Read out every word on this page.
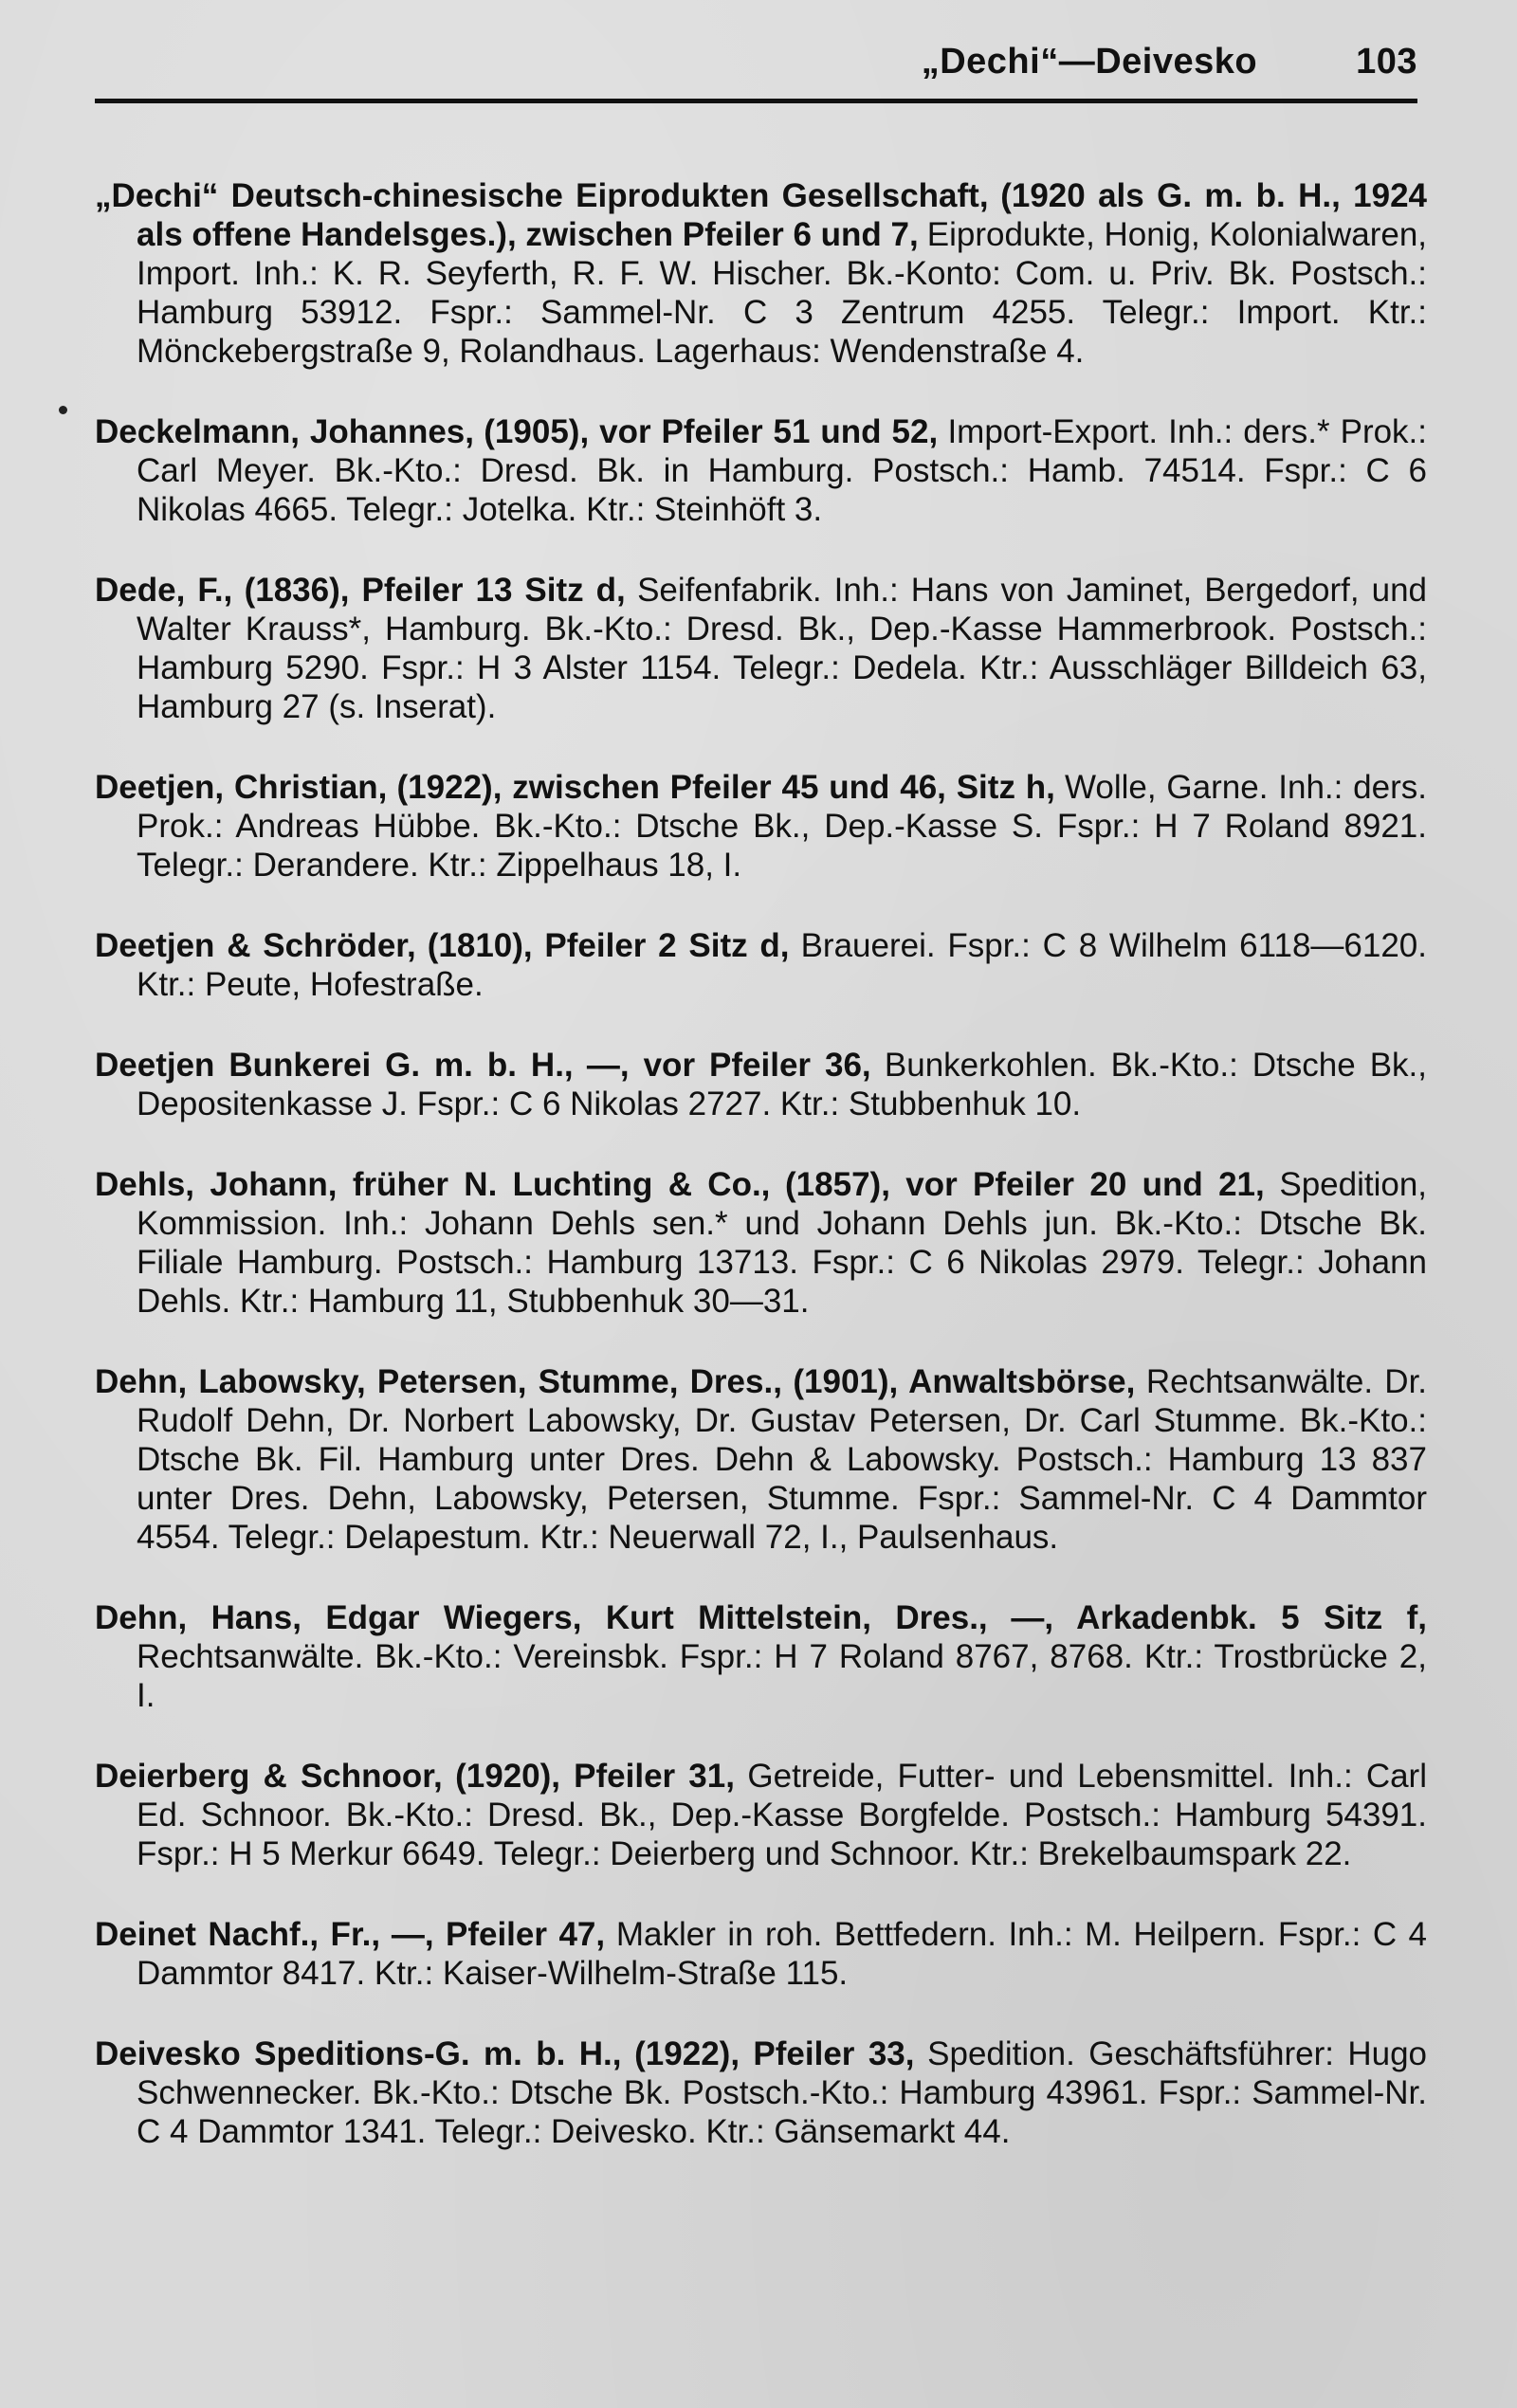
„Dechi“—Deivesko	103

„Dechi“ Deutsch-chinesische Eiprodukten Gesellschaft, (1920 als G. m. b. H., 1924 als offene Handelsges.), zwischen Pfeiler 6 und 7, Eiprodukte, Honig, Kolonialwaren, Import. Inh.: K. R. Seyferth, R. F. W. Hischer. Bk.-Konto: Com. u. Priv. Bk. Postsch.: Hamburg 53912. Fspr.: Sammel-Nr. C 3 Zentrum 4255. Telegr.: Import. Ktr.: Mönckebergstraße 9, Rolandhaus. Lagerhaus: Wendenstraße 4.

Deckelmann, Johannes, (1905), vor Pfeiler 51 und 52, Import-Export. Inh.: ders.* Prok.: Carl Meyer. Bk.-Kto.: Dresd. Bk. in Hamburg. Postsch.: Hamb. 74514. Fspr.: C 6 Nikolas 4665. Telegr.: Jotelka. Ktr.: Steinhöft 3.

Dede, F., (1836), Pfeiler 13 Sitz d, Seifenfabrik. Inh.: Hans von Jaminet, Bergedorf, und Walter Krauss*, Hamburg. Bk.-Kto.: Dresd. Bk., Dep.-Kasse Hammerbrook. Postsch.: Hamburg 5290. Fspr.: H 3 Alster 1154. Telegr.: Dedela. Ktr.: Ausschläger Billdeich 63, Hamburg 27 (s. Inserat).

Deetjen, Christian, (1922), zwischen Pfeiler 45 und 46, Sitz h, Wolle, Garne. Inh.: ders. Prok.: Andreas Hübbe. Bk.-Kto.: Dtsche Bk., Dep.-Kasse S. Fspr.: H 7 Roland 8921. Telegr.: Derandere. Ktr.: Zippelhaus 18, I.

Deetjen & Schröder, (1810), Pfeiler 2 Sitz d, Brauerei. Fspr.: C 8 Wilhelm 6118—6120. Ktr.: Peute, Hofestraße.

Deetjen Bunkerei G. m. b. H., —, vor Pfeiler 36, Bunkerkohlen. Bk.-Kto.: Dtsche Bk., Depositenkasse J. Fspr.: C 6 Nikolas 2727. Ktr.: Stubbenhuk 10.

Dehls, Johann, früher N. Luchting & Co., (1857), vor Pfeiler 20 und 21, Spedition, Kommission. Inh.: Johann Dehls sen.* und Johann Dehls jun. Bk.-Kto.: Dtsche Bk. Filiale Hamburg. Postsch.: Hamburg 13713. Fspr.: C 6 Nikolas 2979. Telegr.: Johann Dehls. Ktr.: Hamburg 11, Stubbenhuk 30—31.

Dehn, Labowsky, Petersen, Stumme, Dres., (1901), Anwaltsbörse, Rechtsanwälte. Dr. Rudolf Dehn, Dr. Norbert Labowsky, Dr. Gustav Petersen, Dr. Carl Stumme. Bk.-Kto.: Dtsche Bk. Fil. Hamburg unter Dres. Dehn & Labowsky. Postsch.: Hamburg 13 837 unter Dres. Dehn, Labowsky, Petersen, Stumme. Fspr.: Sammel-Nr. C 4 Dammtor 4554. Telegr.: Delapestum. Ktr.: Neuerwall 72, I., Paulsenhaus.

Dehn, Hans, Edgar Wiegers, Kurt Mittelstein, Dres., —, Arkadenbk. 5 Sitz f, Rechtsanwälte. Bk.-Kto.: Vereinsbk. Fspr.: H 7 Roland 8767, 8768. Ktr.: Trostbrücke 2, I.

Deierberg & Schnoor, (1920), Pfeiler 31, Getreide, Futter- und Lebensmittel. Inh.: Carl Ed. Schnoor. Bk.-Kto.: Dresd. Bk., Dep.-Kasse Borgfelde. Postsch.: Hamburg 54391. Fspr.: H 5 Merkur 6649. Telegr.: Deierberg und Schnoor. Ktr.: Brekelbaumspark 22.

Deinet Nachf., Fr., —, Pfeiler 47, Makler in roh. Bettfedern. Inh.: M. Heilpern. Fspr.: C 4 Dammtor 8417. Ktr.: Kaiser-Wilhelm-Straße 115.

Deivesko Speditions-G. m. b. H., (1922), Pfeiler 33, Spedition. Geschäftsführer: Hugo Schwennecker. Bk.-Kto.: Dtsche Bk. Postsch.-Kto.: Hamburg 43961. Fspr.: Sammel-Nr. C 4 Dammtor 1341. Telegr.: Deivesko. Ktr.: Gänsemarkt 44.
